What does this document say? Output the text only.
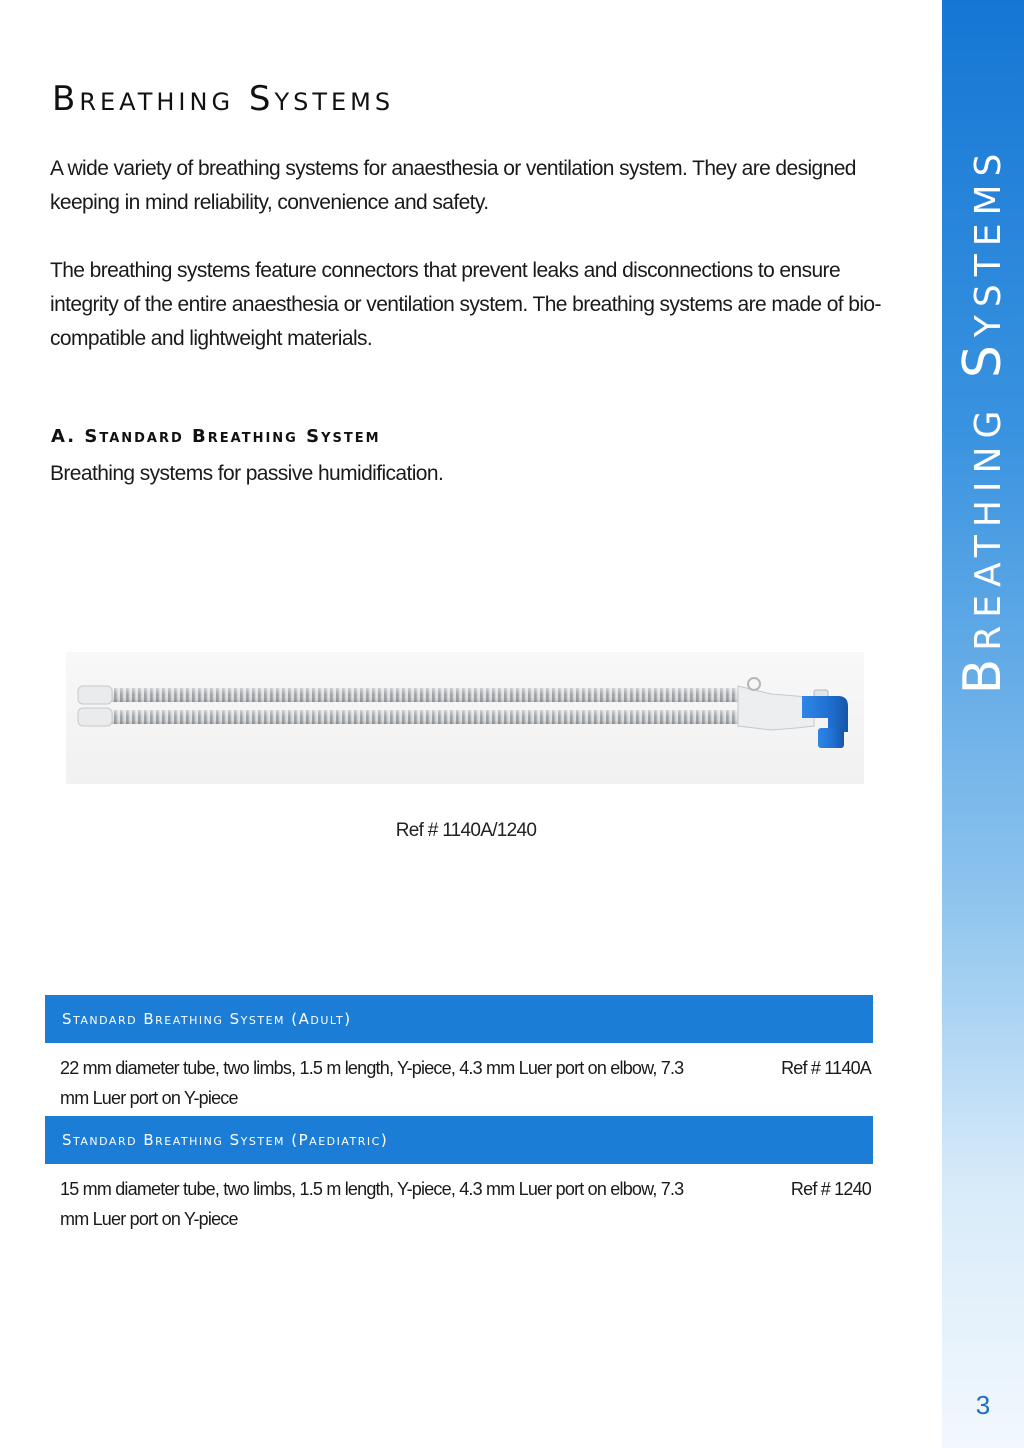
Breathing Systems
A wide variety of breathing systems for anaesthesia or ventilation system. They are designed keeping in mind reliability, convenience and safety.
The breathing systems feature connectors that prevent leaks and disconnections to ensure integrity of the entire anaesthesia or ventilation system. The breathing systems are made of bio-compatible and lightweight materials.
A. Standard Breathing System
Breathing systems for passive humidification.
Ref # 1140A/1240
Standard Breathing System (Adult)
22 mm diameter tube, two limbs, 1.5 m length, Y-piece, 4.3 mm Luer port on elbow, 7.3 mm Luer port on Y-piece
Ref # 1140A
Standard Breathing System (Paediatric)
15 mm diameter tube, two limbs, 1.5 m length, Y-piece, 4.3 mm Luer port on elbow, 7.3 mm Luer port on Y-piece
Ref # 1240
Breathing Systems
3
